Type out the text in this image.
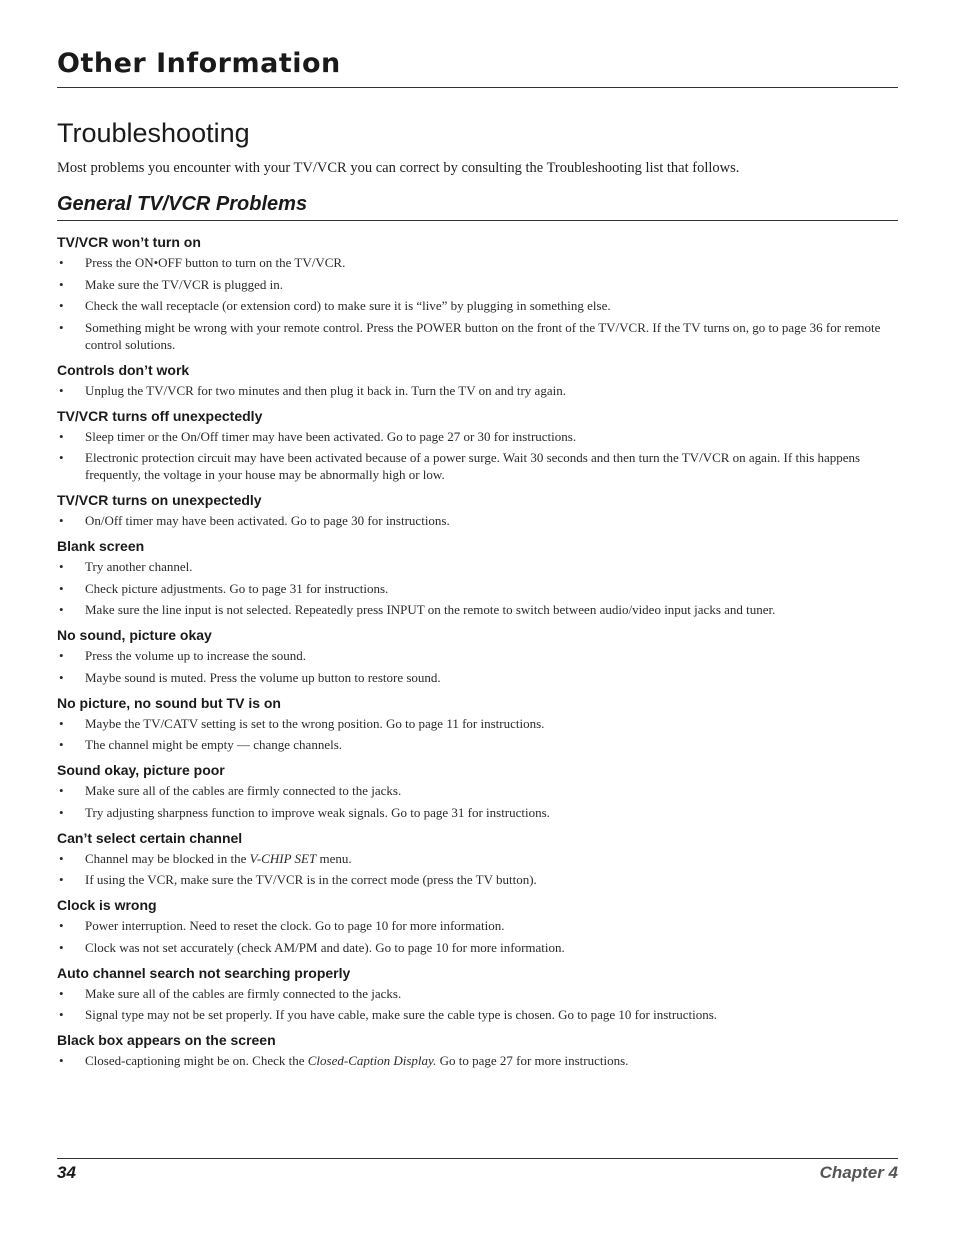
Other Information
Troubleshooting

Most problems you encounter with your TV/VCR you can correct by consulting the Troubleshooting list that follows.

General TV/VCR Problems
TV/VCR won’t turn on
• Press the ON•OFF button to turn on the TV/VCR.
• Make sure the TV/VCR is plugged in.
• Check the wall receptacle (or extension cord) to make sure it is “live” by plugging in something else.
• Something might be wrong with your remote control. Press the POWER button on the front of the TV/VCR. If the TV turns on, go to page 36 for remote control solutions.
Controls don’t work
• Unplug the TV/VCR for two minutes and then plug it back in. Turn the TV on and try again.
TV/VCR turns off unexpectedly
• Sleep timer or the On/Off timer may have been activated. Go to page 27 or 30 for instructions.
• Electronic protection circuit may have been activated because of a power surge. Wait 30 seconds and then turn the TV/VCR on again. If this happens frequently, the voltage in your house may be abnormally high or low.
TV/VCR turns on unexpectedly
• On/Off timer may have been activated. Go to page 30 for instructions.
Blank screen
• Try another channel.
• Check picture adjustments. Go to page 31 for instructions.
• Make sure the line input is not selected. Repeatedly press INPUT on the remote to switch between audio/video input jacks and tuner.
No sound, picture okay
• Press the volume up to increase the sound.
• Maybe sound is muted. Press the volume up button to restore sound.
No picture, no sound but TV is on
• Maybe the TV/CATV setting is set to the wrong position. Go to page 11 for instructions.
• The channel might be empty — change channels.
Sound okay, picture poor
• Make sure all of the cables are firmly connected to the jacks.
• Try adjusting sharpness function to improve weak signals. Go to page 31 for instructions.
Can’t select certain channel
• Channel may be blocked in the V-CHIP SET menu.
• If using the VCR, make sure the TV/VCR is in the correct mode (press the TV button).
Clock is wrong
• Power interruption. Need to reset the clock. Go to page 10 for more information.
• Clock was not set accurately (check AM/PM and date). Go to page 10 for more information.
Auto channel search not searching properly
• Make sure all of the cables are firmly connected to the jacks.
• Signal type may not be set properly. If you have cable, make sure the cable type is chosen. Go to page 10 for instructions.
Black box appears on the screen
• Closed-captioning might be on. Check the Closed-Caption Display. Go to page 27 for more instructions.
34	Chapter 4
